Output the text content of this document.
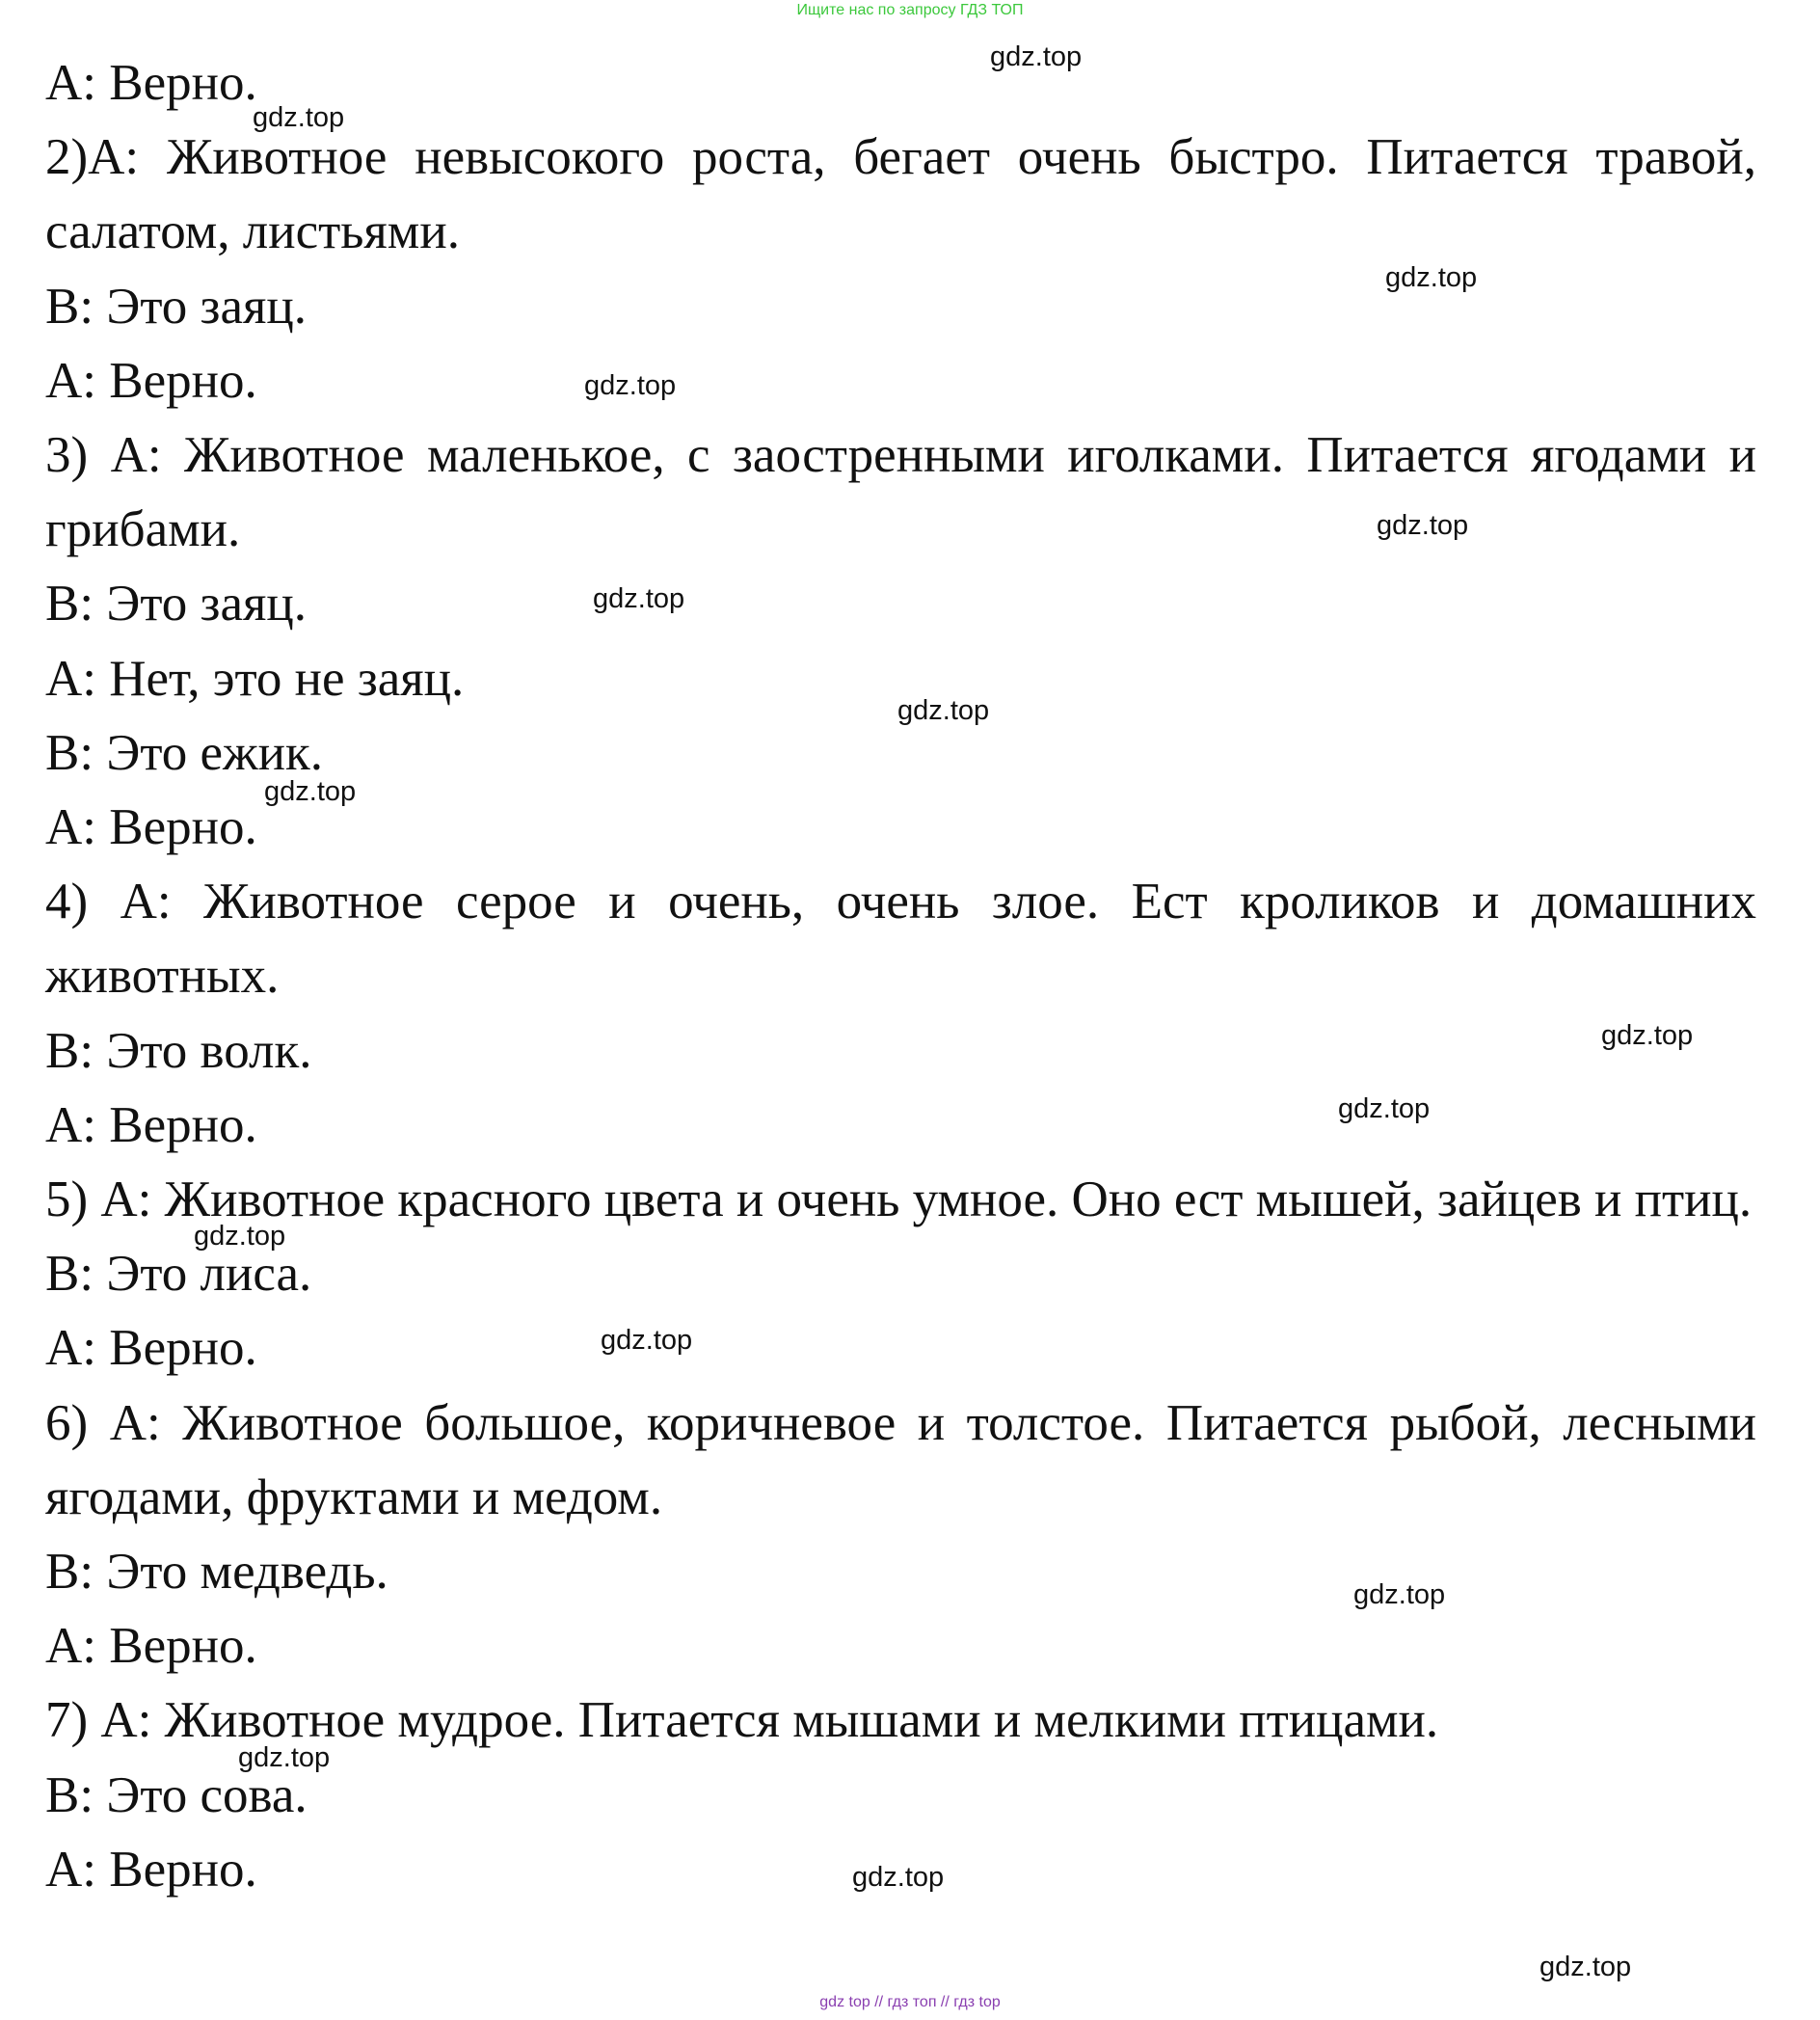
Ищите нас по запросу ГДЗ ТОП

А: Верно.

2)А: Животное невысокого роста, бегает очень быстро. Питается травой, салатом, листьями.

В: Это заяц.

А: Верно.

3) А: Животное маленькое, с заостренными иголками. Питается ягодами и грибами.

В: Это заяц.

А: Нет, это не заяц.

В: Это ежик.

А: Верно.

4) А: Животное серое и очень, очень злое. Ест кроликов и домашних животных.

В: Это волк.

А: Верно.

5) А: Животное красного цвета и очень умное. Оно ест мышей, зайцев и птиц.

В: Это лиса.

А: Верно.

6) А: Животное большое, коричневое и толстое. Питается рыбой, лесными ягодами, фруктами и медом.

В: Это медведь.

А: Верно.

7) А: Животное мудрое. Питается мышами и мелкими птицами.

В: Это сова.

А: Верно.

gdz.top
gdz.top
gdz.top
gdz.top
gdz.top
gdz.top
gdz.top
gdz.top
gdz.top
gdz.top
gdz.top
gdz.top
gdz.top
gdz.top
gdz.top
gdz.top
gdz top // гдз топ // гдз top
